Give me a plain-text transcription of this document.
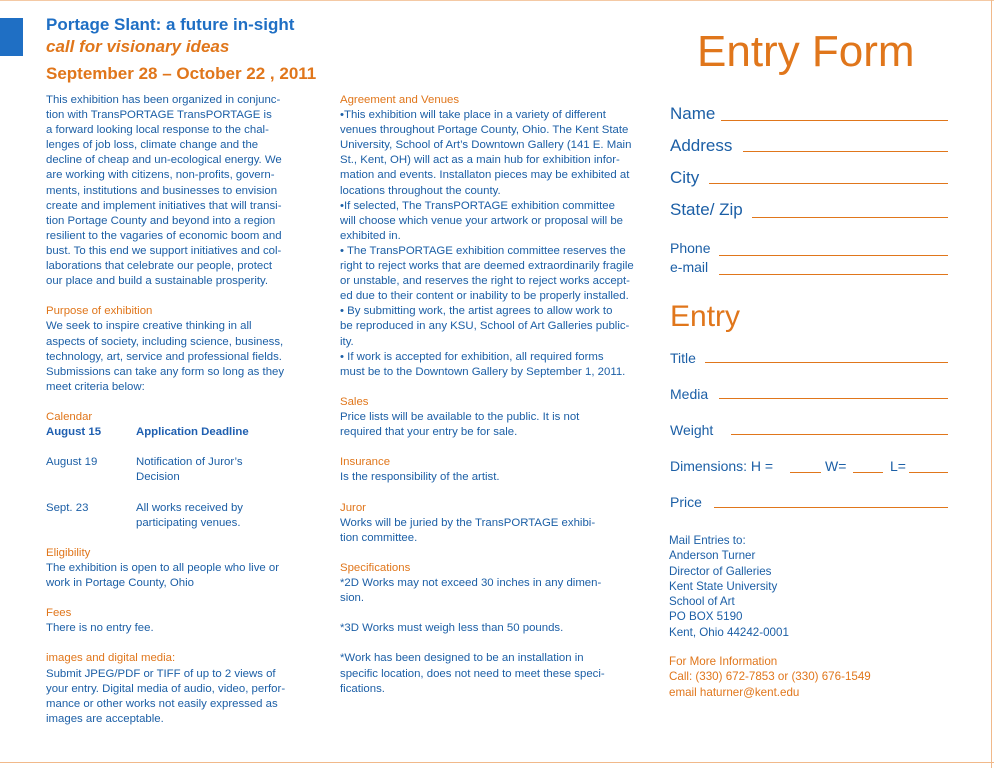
Portage Slant: a future in-sight
call for visionary ideas
September 28 – October 22 , 2011
This exhibition has been organized in conjunc-
tion with TransPORTAGE TransPORTAGE is
a forward looking local response to the chal-
lenges of job loss, climate change and the
decline of cheap and un-ecological energy. We
are working with citizens, non-profits, govern-
ments, institutions and businesses to envision
create and implement initiatives that will transi-
tion Portage County and beyond into a region
resilient to the vagaries of economic boom and
bust. To this end we support initiatives and col-
laborations that celebrate our people, protect
our place and build a sustainable prosperity.
Purpose of exhibition
We seek to inspire creative thinking in all
aspects of society, including science, business,
technology, art, service and professional fields.
Submissions can take any form so long as they
meet criteria below:
Calendar
August 15	Application Deadline
August 19	Notification of Juror’s
Decision
Sept. 23	All works received by
participating venues.
Eligibility
The exhibition is open to all people who live or
work in Portage County, Ohio
Fees
There is no entry fee.
images and digital media:
Submit JPEG/PDF or TIFF of up to 2 views of
your entry. Digital media of audio, video, perfor-
mance or other works not easily expressed as
images are acceptable.
Agreement and Venues
•This exhibition will take place in a variety of different
venues throughout Portage County, Ohio. The Kent State
University, School of Art’s Downtown Gallery (141 E. Main
St., Kent, OH) will act as a main hub for exhibition infor-
mation and events. Installaton pieces may be exhibited at
locations throughout the county.
•If selected, The TransPORTAGE exhibition committee
will choose which venue your artwork or proposal will be
exhibited in.
• The TransPORTAGE exhibition committee reserves the
right to reject works that are deemed extraordinarily fragile
or unstable, and reserves the right to reject works accept-
ed due to their content or inability to be properly installed.
• By submitting work, the artist agrees to allow work to
be reproduced in any KSU, School of Art Galleries public-
ity.
• If work is accepted for exhibition, all required forms
must be to the Downtown Gallery by September 1, 2011.
Sales
Price lists will be available to the public. It is not
required that your entry be for sale.
Insurance
Is the responsibility of the artist.
Juror
Works will be juried by the TransPORTAGE exhibi-
tion committee.
Specifications
*2D Works may not exceed 30 inches in any dimen-
sion.

*3D Works must weigh less than 50 pounds.

*Work has been designed to be an installation in
specific location, does not need to meet these speci-
fications.
Entry Form
Name
Address
City
State/ Zip
Phone
e-mail
Entry
Title
Media
Weight
Dimensions: H =	W=	L=
Price
Mail Entries to:
Anderson Turner
Director of Galleries
Kent State University
School of Art
PO BOX 5190
Kent, Ohio 44242-0001
For More Information
Call: (330) 672-7853 or (330) 676-1549
email haturner@kent.edu
